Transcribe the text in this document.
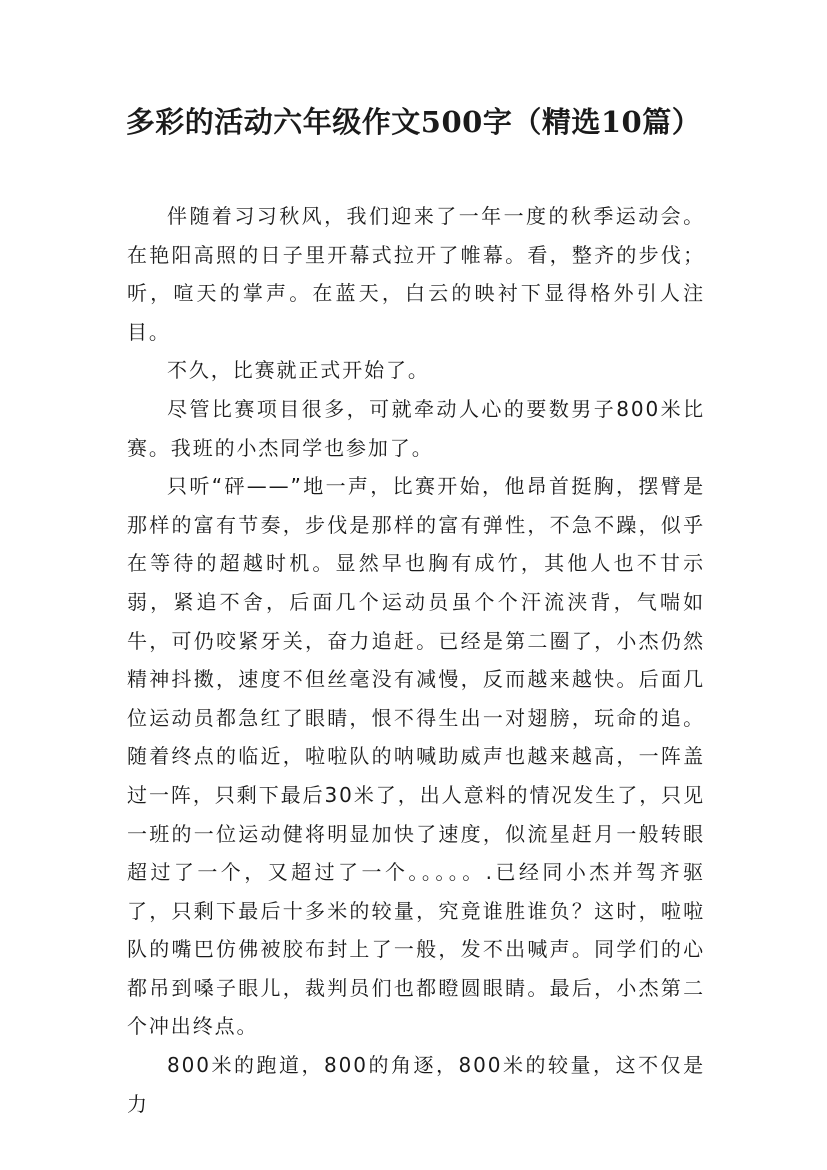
多彩的活动六年级作文500字（精选10篇）

伴随着习习秋风，我们迎来了一年一度的秋季运动会。在艳阳高照的日子里开幕式拉开了帷幕。看，整齐的步伐；听，喧天的掌声。在蓝天，白云的映衬下显得格外引人注目。

不久，比赛就正式开始了。

尽管比赛项目很多，可就牵动人心的要数男子800米比赛。我班的小杰同学也参加了。

只听“砰——”地一声，比赛开始，他昂首挺胸，摆臂是那样的富有节奏，步伐是那样的富有弹性，不急不躁，似乎在等待的超越时机。显然早也胸有成竹，其他人也不甘示弱，紧追不舍，后面几个运动员虽个个汗流浃背，气喘如牛，可仍咬紧牙关，奋力追赶。已经是第二圈了，小杰仍然精神抖擞，速度不但丝毫没有减慢，反而越来越快。后面几位运动员都急红了眼睛，恨不得生出一对翅膀，玩命的追。随着终点的临近，啦啦队的呐喊助威声也越来越高，一阵盖过一阵，只剩下最后30米了，出人意料的情况发生了，只见一班的一位运动健将明显加快了速度，似流星赶月一般转眼超过了一个，又超过了一个。。。。。.已经同小杰并驾齐驱了，只剩下最后十多米的较量，究竟谁胜谁负？这时，啦啦队的嘴巴仿佛被胶布封上了一般，发不出喊声。同学们的心都吊到嗓子眼儿，裁判员们也都瞪圆眼睛。最后，小杰第二个冲出终点。

800米的跑道，800的角逐，800米的较量，这不仅是力
